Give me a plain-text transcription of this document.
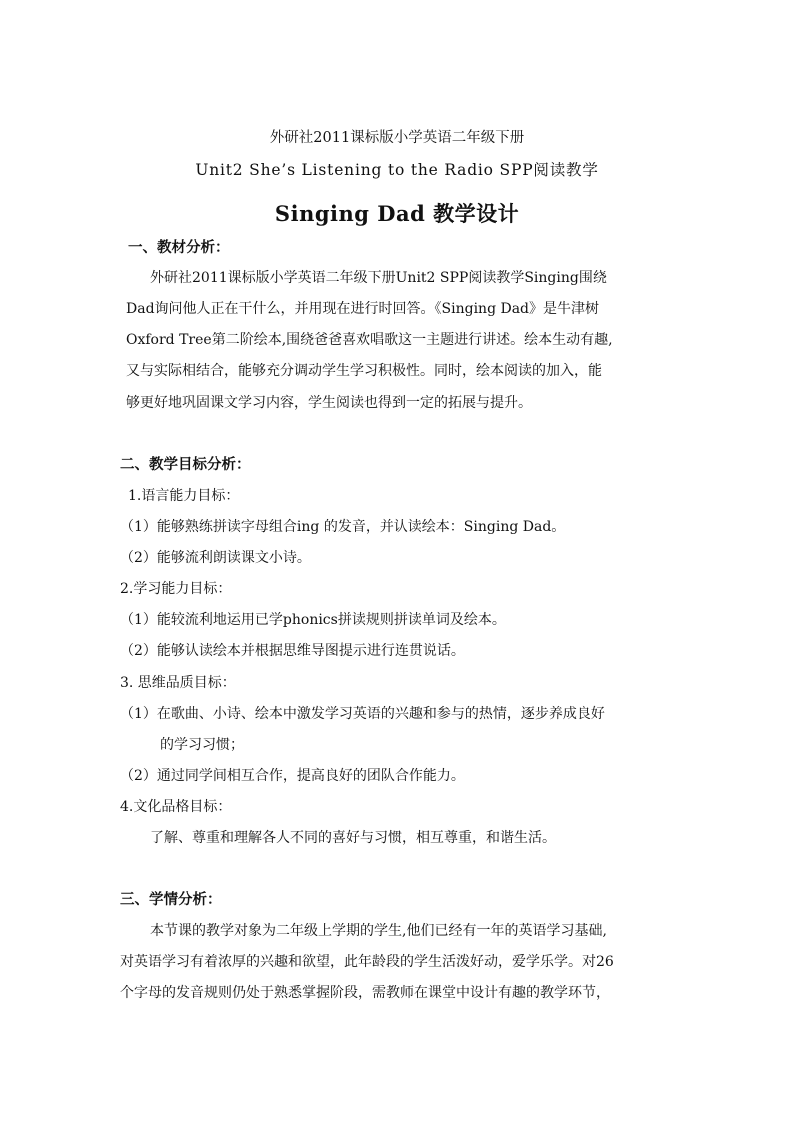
外研社2011课标版小学英语二年级下册
Unit2 She’s Listening to the Radio SPP阅读教学
Singing Dad 教学设计
一、教材分析：
外研社2011课标版小学英语二年级下册Unit2 SPP阅读教学Singing围绕
Dad询问他人正在干什么，并用现在进行时回答。《Singing Dad》是牛津树
Oxford Tree第二阶绘本,围绕爸爸喜欢唱歌这一主题进行讲述。绘本生动有趣,
又与实际相结合，能够充分调动学生学习积极性。同时，绘本阅读的加入，能
够更好地巩固课文学习内容，学生阅读也得到一定的拓展与提升。
二、教学目标分析：
1.语言能力目标：
（1）能够熟练拼读字母组合ing 的发音，并认读绘本：Singing Dad。
（2）能够流利朗读课文小诗。
2.学习能力目标：
（1）能较流利地运用已学phonics拼读规则拼读单词及绘本。
（2）能够认读绘本并根据思维导图提示进行连贯说话。
3. 思维品质目标：
（1）在歌曲、小诗、绘本中激发学习英语的兴趣和参与的热情，逐步养成良好
的学习习惯；
（2）通过同学间相互合作，提高良好的团队合作能力。
4.文化品格目标：
了解、尊重和理解各人不同的喜好与习惯，相互尊重，和谐生活。
三、学情分析：
本节课的教学对象为二年级上学期的学生,他们已经有一年的英语学习基础,
对英语学习有着浓厚的兴趣和欲望，此年龄段的学生活泼好动，爱学乐学。对26
个字母的发音规则仍处于熟悉掌握阶段，需教师在课堂中设计有趣的教学环节，
